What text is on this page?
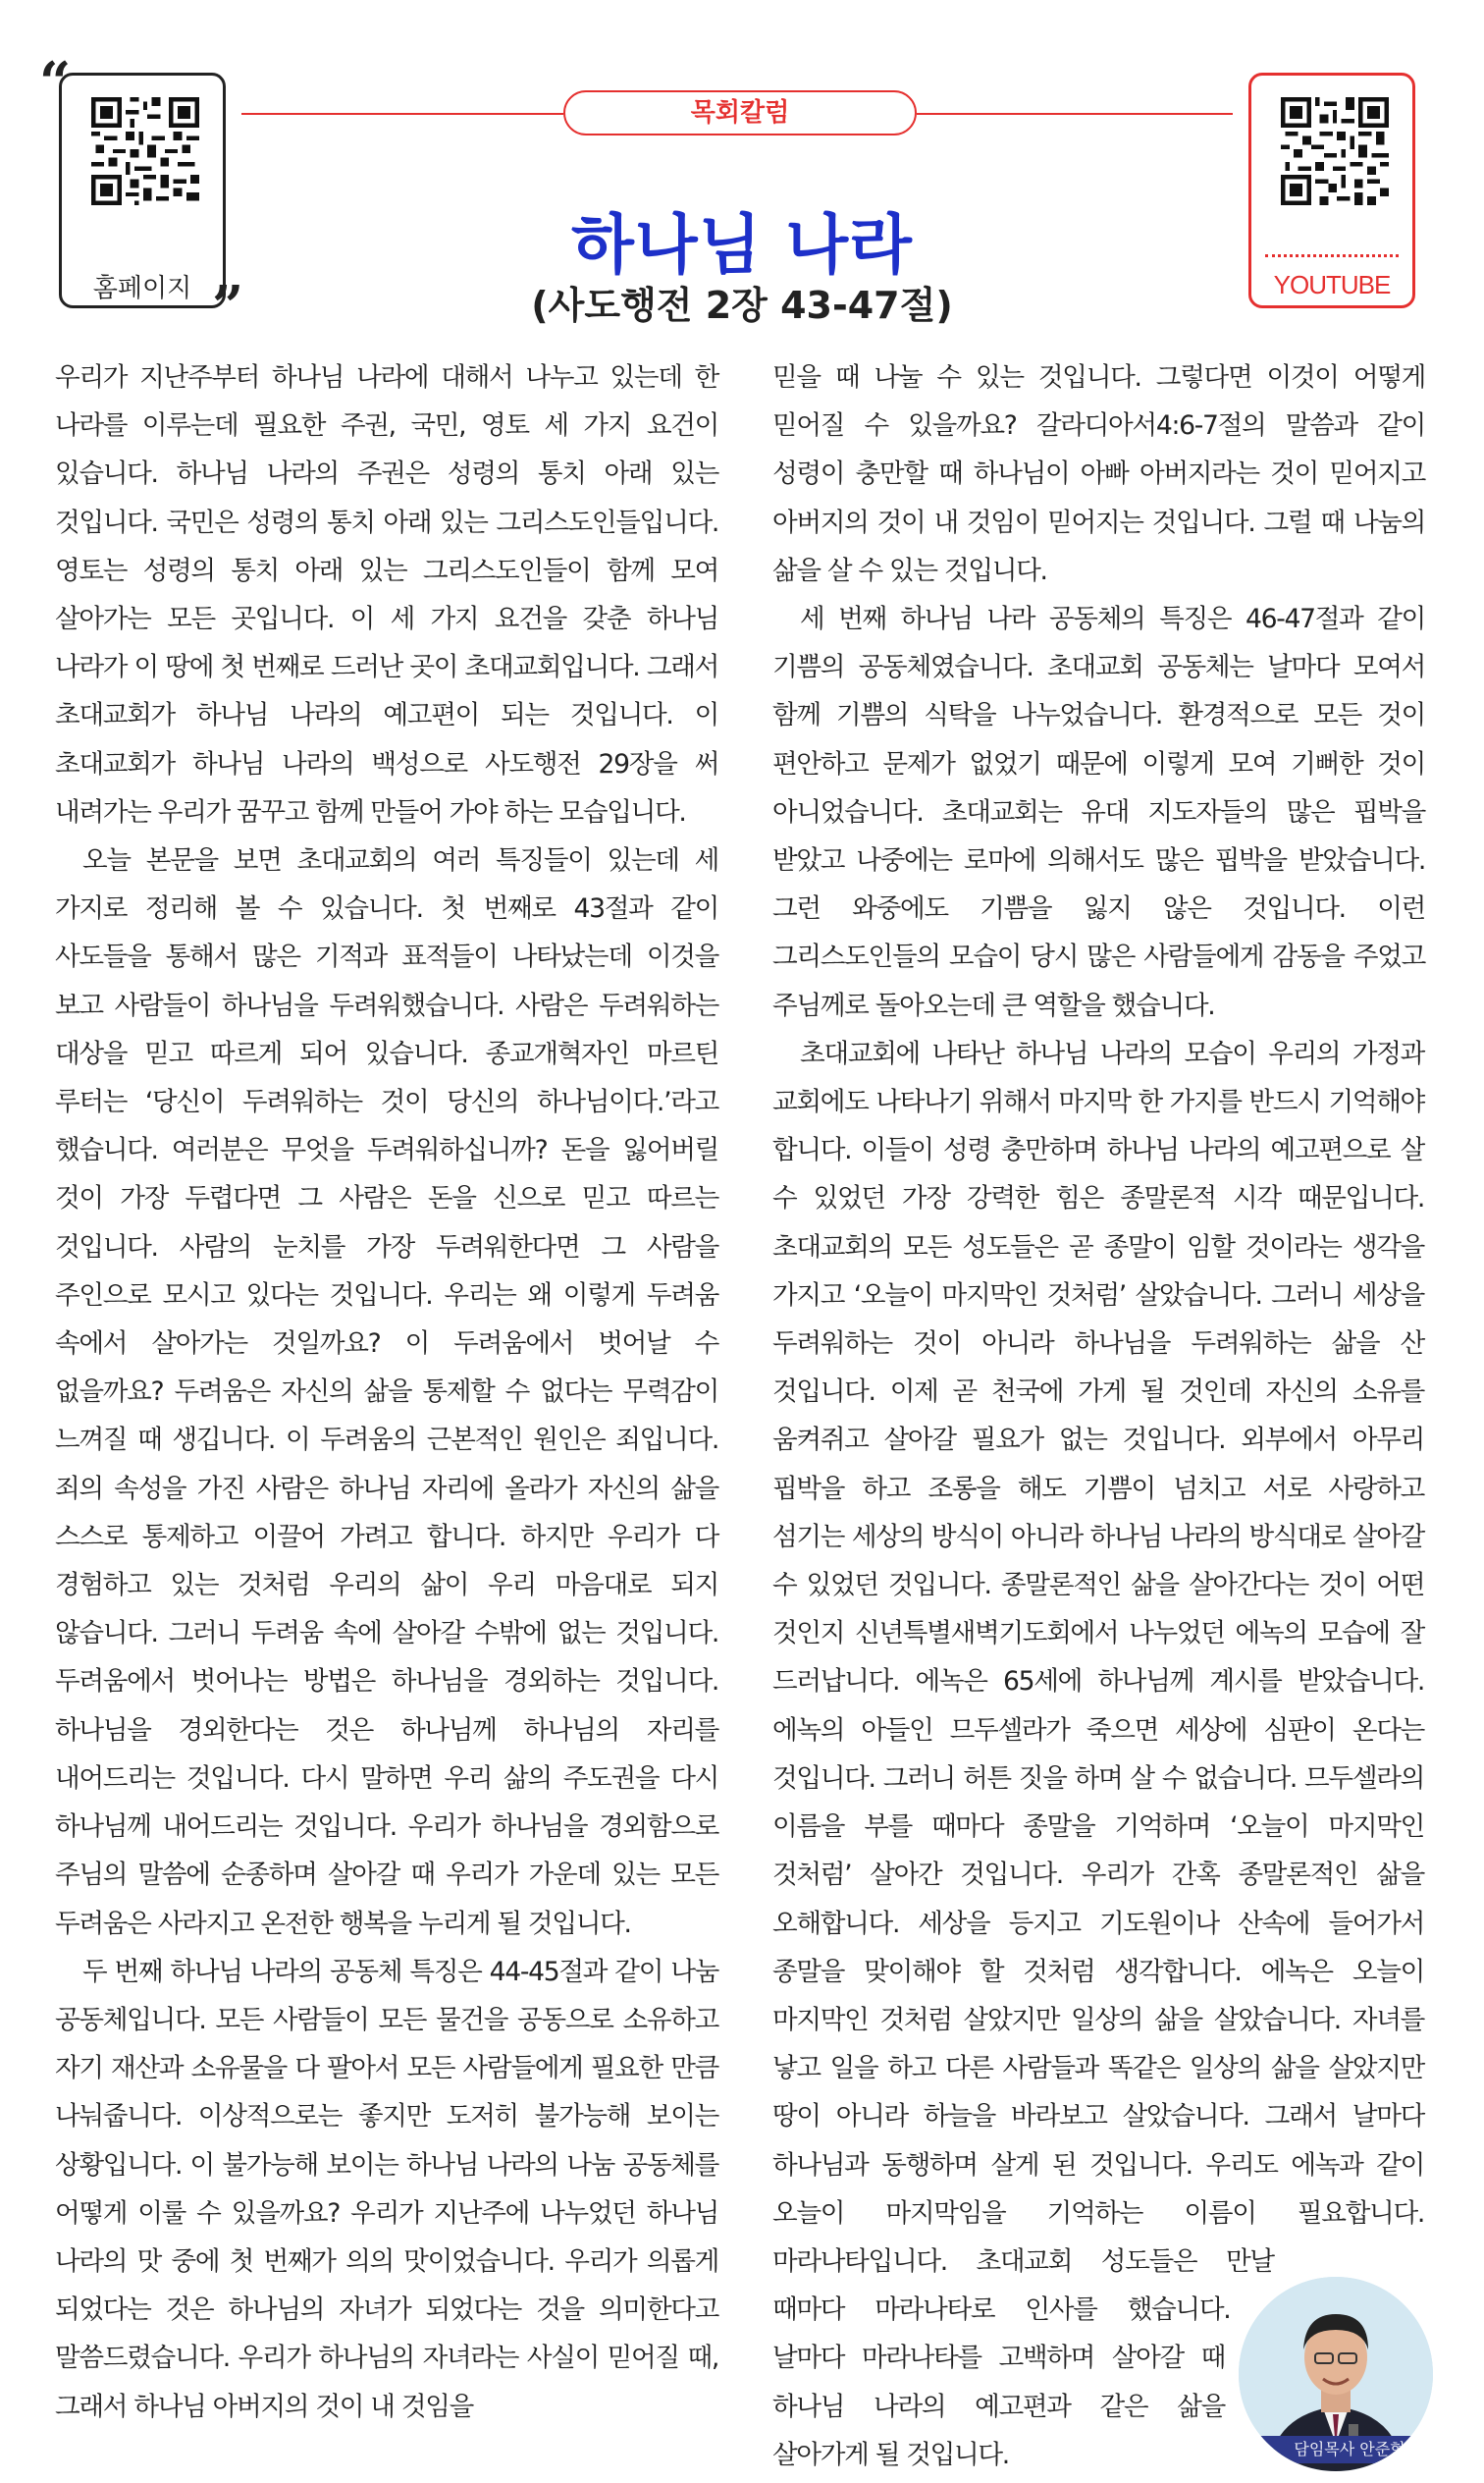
홈페이지
“
”	YOUTUBE
목회칼럼
하나님 나라
(사도행전 2장 43-47절)

우리가 지난주부터 하나님 나라에 대해서 나누고 있는데 한 나라를 이루는데 필요한 주권, 국민, 영토 세 가지 요건이 있습니다. 하나님 나라의 주권은 성령의 통치 아래 있는 것입니다. 국민은 성령의 통치 아래 있는 그리스도인들입니다. 영토는 성령의 통치 아래 있는 그리스도인들이 함께 모여 살아가는 모든 곳입니다. 이 세 가지 요건을 갖춘 하나님 나라가 이 땅에 첫 번째로 드러난 곳이 초대교회입니다. 그래서 초대교회가 하나님 나라의 예고편이 되는 것입니다. 이 초대교회가 하나님 나라의 백성으로 사도행전 29장을 써 내려가는 우리가 꿈꾸고 함께 만들어 가야 하는 모습입니다.

오늘 본문을 보면 초대교회의 여러 특징들이 있는데 세 가지로 정리해 볼 수 있습니다. 첫 번째로 43절과 같이 사도들을 통해서 많은 기적과 표적들이 나타났는데 이것을 보고 사람들이 하나님을 두려워했습니다. 사람은 두려워하는 대상을 믿고 따르게 되어 있습니다. 종교개혁자인 마르틴 루터는 ‘당신이 두려워하는 것이 당신의 하나님이다.’라고 했습니다. 여러분은 무엇을 두려워하십니까? 돈을 잃어버릴 것이 가장 두렵다면 그 사람은 돈을 신으로 믿고 따르는 것입니다. 사람의 눈치를 가장 두려워한다면 그 사람을 주인으로 모시고 있다는 것입니다. 우리는 왜 이렇게 두려움 속에서 살아가는 것일까요? 이 두려움에서 벗어날 수 없을까요? 두려움은 자신의 삶을 통제할 수 없다는 무력감이 느껴질 때 생깁니다. 이 두려움의 근본적인 원인은 죄입니다. 죄의 속성을 가진 사람은 하나님 자리에 올라가 자신의 삶을 스스로 통제하고 이끌어 가려고 합니다. 하지만 우리가 다 경험하고 있는 것처럼 우리의 삶이 우리 마음대로 되지 않습니다. 그러니 두려움 속에 살아갈 수밖에 없는 것입니다. 두려움에서 벗어나는 방법은 하나님을 경외하는 것입니다. 하나님을 경외한다는 것은 하나님께 하나님의 자리를 내어드리는 것입니다. 다시 말하면 우리 삶의 주도권을 다시 하나님께 내어드리는 것입니다. 우리가 하나님을 경외함으로 주님의 말씀에 순종하며 살아갈 때 우리가 가운데 있는 모든 두려움은 사라지고 온전한 행복을 누리게 될 것입니다.

두 번째 하나님 나라의 공동체 특징은 44-45절과 같이 나눔 공동체입니다. 모든 사람들이 모든 물건을 공동으로 소유하고 자기 재산과 소유물을 다 팔아서 모든 사람들에게 필요한 만큼 나눠줍니다. 이상적으로는 좋지만 도저히 불가능해 보이는 상황입니다. 이 불가능해 보이는 하나님 나라의 나눔 공동체를 어떻게 이룰 수 있을까요? 우리가 지난주에 나누었던 하나님 나라의 맛 중에 첫 번째가 의의 맛이었습니다. 우리가 의롭게 되었다는 것은 하나님의 자녀가 되었다는 것을 의미한다고 말씀드렸습니다. 우리가 하나님의 자녀라는 사실이 믿어질 때, 그래서 하나님 아버지의 것이 내 것임을

믿을 때 나눌 수 있는 것입니다. 그렇다면 이것이 어떻게 믿어질 수 있을까요? 갈라디아서4:6-7절의 말씀과 같이 성령이 충만할 때 하나님이 아빠 아버지라는 것이 믿어지고 아버지의 것이 내 것임이 믿어지는 것입니다. 그럴 때 나눔의 삶을 살 수 있는 것입니다.

세 번째 하나님 나라 공동체의 특징은 46-47절과 같이 기쁨의 공동체였습니다. 초대교회 공동체는 날마다 모여서 함께 기쁨의 식탁을 나누었습니다. 환경적으로 모든 것이 편안하고 문제가 없었기 때문에 이렇게 모여 기뻐한 것이 아니었습니다. 초대교회는 유대 지도자들의 많은 핍박을 받았고 나중에는 로마에 의해서도 많은 핍박을 받았습니다. 그런 와중에도 기쁨을 잃지 않은 것입니다. 이런 그리스도인들의 모습이 당시 많은 사람들에게 감동을 주었고 주님께로 돌아오는데 큰 역할을 했습니다.

담임목사 안준혁
초대교회에 나타난 하나님 나라의 모습이 우리의 가정과 교회에도 나타나기 위해서 마지막 한 가지를 반드시 기억해야 합니다. 이들이 성령 충만하며 하나님 나라의 예고편으로 살 수 있었던 가장 강력한 힘은 종말론적 시각 때문입니다. 초대교회의 모든 성도들은 곧 종말이 임할 것이라는 생각을 가지고 ‘오늘이 마지막인 것처럼’ 살았습니다. 그러니 세상을 두려워하는 것이 아니라 하나님을 두려워하는 삶을 산 것입니다. 이제 곧 천국에 가게 될 것인데 자신의 소유를 움켜쥐고 살아갈 필요가 없는 것입니다. 외부에서 아무리 핍박을 하고 조롱을 해도 기쁨이 넘치고 서로 사랑하고 섬기는 세상의 방식이 아니라 하나님 나라의 방식대로 살아갈 수 있었던 것입니다. 종말론적인 삶을 살아간다는 것이 어떤 것인지 신년특별새벽기도회에서 나누었던 에녹의 모습에 잘 드러납니다. 에녹은 65세에 하나님께 계시를 받았습니다. 에녹의 아들인 므두셀라가 죽으면 세상에 심판이 온다는 것입니다. 그러니 허튼 짓을 하며 살 수 없습니다. 므두셀라의 이름을 부를 때마다 종말을 기억하며 ‘오늘이 마지막인 것처럼’ 살아간 것입니다. 우리가 간혹 종말론적인 삶을 오해합니다. 세상을 등지고 기도원이나 산속에 들어가서 종말을 맞이해야 할 것처럼 생각합니다. 에녹은 오늘이 마지막인 것처럼 살았지만 일상의 삶을 살았습니다. 자녀를 낳고 일을 하고 다른 사람들과 똑같은 일상의 삶을 살았지만 땅이 아니라 하늘을 바라보고 살았습니다. 그래서 날마다 하나님과 동행하며 살게 된 것입니다. 우리도 에녹과 같이 오늘이 마지막임을 기억하는 이름이 필요합니다. 마라나타입니다. 초대교회 성도들은 만날 때마다 마라나타로 인사를 했습니다. 날마다 마라나타를 고백하며 살아갈 때 하나님 나라의 예고편과 같은 삶을 살아가게 될 것입니다.
